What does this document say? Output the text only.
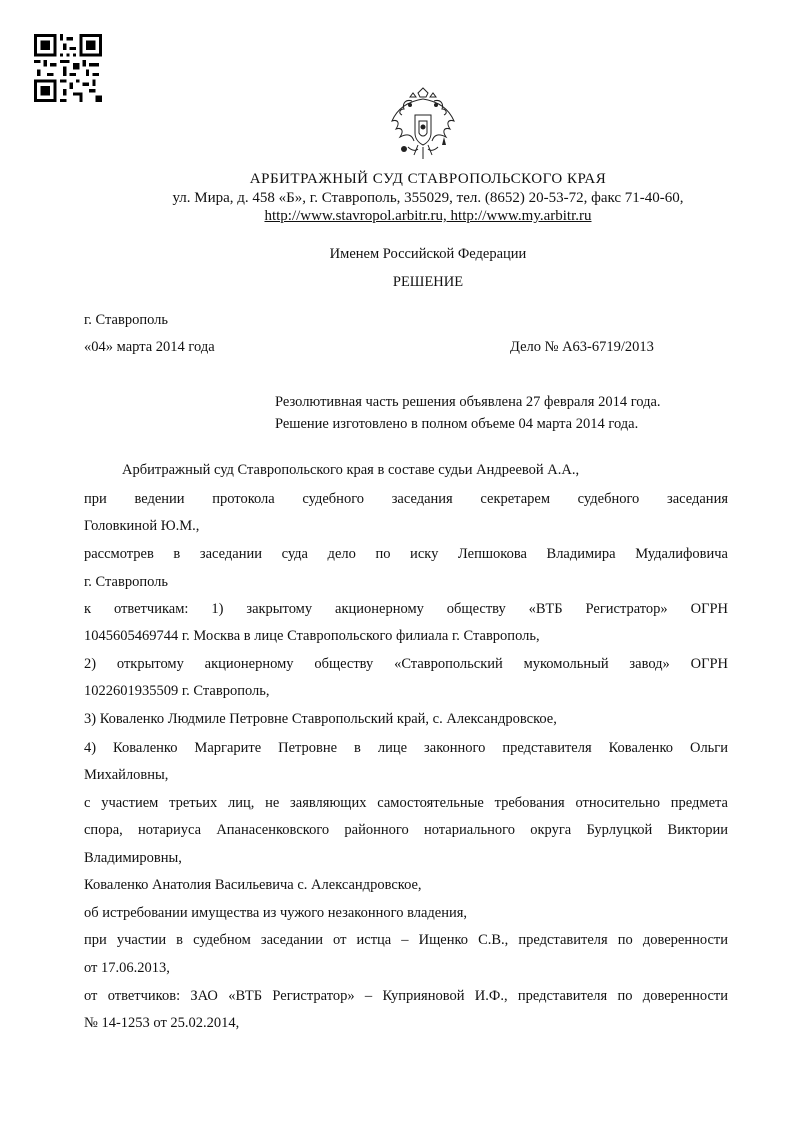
АРБИТРАЖНЫЙ СУД СТАВРОПОЛЬСКОГО КРАЯ
ул. Мира, д. 458 «Б», г. Ставрополь, 355029, тел. (8652) 20-53-72, факс 71-40-60,
http://www.stavropol.arbitr.ru, http://www.my.arbitr.ru
Именем Российской Федерации
РЕШЕНИЕ
г. Ставрополь
«04» марта 2014 года	Дело № А63-6719/2013
Резолютивная часть решения объявлена 27 февраля 2014 года.
Решение изготовлено в полном объеме 04 марта 2014 года.
Арбитражный суд Ставропольского края в составе судьи Андреевой А.А.,
при ведении протокола судебного заседания секретарем судебного заседания
Головкиной Ю.М.,
рассмотрев в заседании суда дело по иску Лепшокова Владимира Мудалифовича
г. Ставрополь
к ответчикам: 1) закрытому акционерному обществу «ВТБ Регистратор» ОГРН
1045605469744 г. Москва в лице Ставропольского филиала г. Ставрополь,
2) открытому акционерному обществу «Ставропольский мукомольный завод» ОГРН
1022601935509 г. Ставрополь,
3) Коваленко Людмиле Петровне Ставропольский край, с. Александровское,
4) Коваленко Маргарите Петровне в лице законного представителя Коваленко Ольги
Михайловны,
с участием третьих лиц, не заявляющих самостоятельные требования относительно предмета
спора, нотариуса Апанасенковского районного нотариального округа Бурлуцкой Виктории
Владимировны,
Коваленко Анатолия Васильевича с. Александровское,
об истребовании имущества из чужого незаконного владения,
при участии в судебном заседании от истца – Ищенко С.В., представителя по доверенности
от 17.06.2013,
от ответчиков: ЗАО «ВТБ Регистратор» – Куприяновой И.Ф., представителя по доверенности
№ 14-1253 от 25.02.2014,
